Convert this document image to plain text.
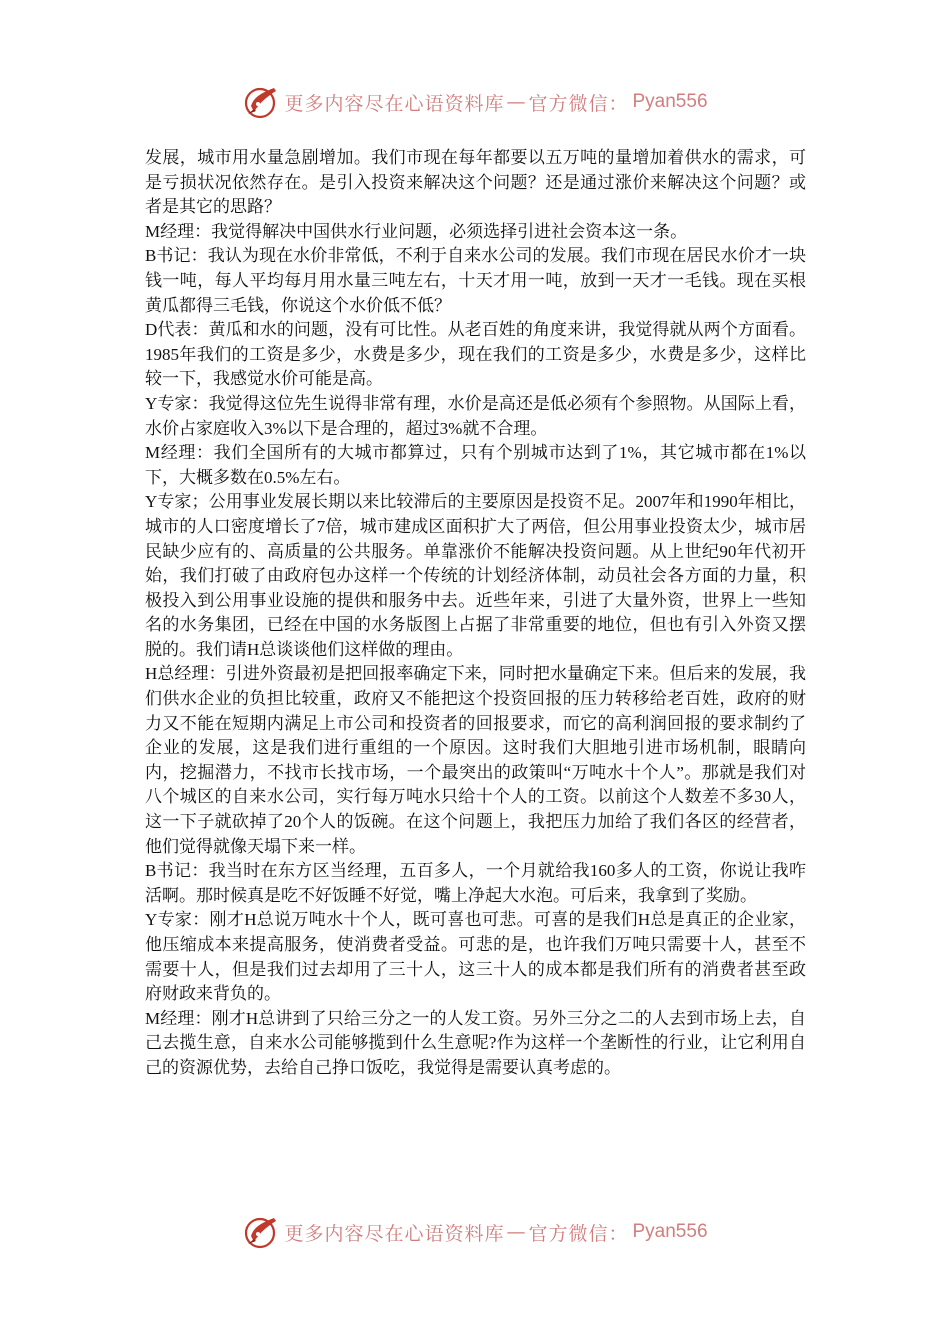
更多内容尽在心语资料库 — 官方微信： Pyan556

发展，城市用水量急剧增加。我们市现在每年都要以五万吨的量增加着供水的需求，可是亏损状况依然存在。是引入投资来解决这个问题？还是通过涨价来解决这个问题？或者是其它的思路？

M经理：我觉得解决中国供水行业问题，必须选择引进社会资本这一条。

B书记：我认为现在水价非常低，不利于自来水公司的发展。我们市现在居民水价才一块钱一吨，每人平均每月用水量三吨左右，十天才用一吨，放到一天才一毛钱。现在买根黄瓜都得三毛钱，你说这个水价低不低？

D代表：黄瓜和水的问题，没有可比性。从老百姓的角度来讲，我觉得就从两个方面看。1985年我们的工资是多少，水费是多少，现在我们的工资是多少，水费是多少，这样比较一下，我感觉水价可能是高。

Y专家：我觉得这位先生说得非常有理，水价是高还是低必须有个参照物。从国际上看，水价占家庭收入3%以下是合理的，超过3%就不合理。

M经理：我们全国所有的大城市都算过，只有个别城市达到了1%，其它城市都在1%以下，大概多数在0.5%左右。

Y专家；公用事业发展长期以来比较滞后的主要原因是投资不足。2007年和1990年相比，城市的人口密度增长了7倍，城市建成区面积扩大了两倍，但公用事业投资太少，城市居民缺少应有的、高质量的公共服务。单靠涨价不能解决投资问题。从上世纪90年代初开始，我们打破了由政府包办这样一个传统的计划经济体制，动员社会各方面的力量，积极投入到公用事业设施的提供和服务中去。近些年来，引进了大量外资，世界上一些知名的水务集团，已经在中国的水务版图上占据了非常重要的地位，但也有引入外资又摆脱的。我们请H总谈谈他们这样做的理由。

H总经理：引进外资最初是把回报率确定下来，同时把水量确定下来。但后来的发展，我们供水企业的负担比较重，政府又不能把这个投资回报的压力转移给老百姓，政府的财力又不能在短期内满足上市公司和投资者的回报要求，而它的高利润回报的要求制约了企业的发展，这是我们进行重组的一个原因。这时我们大胆地引进市场机制，眼睛向内，挖掘潜力，不找市长找市场，一个最突出的政策叫“万吨水十个人”。那就是我们对八个城区的自来水公司，实行每万吨水只给十个人的工资。以前这个人数差不多30人，这一下子就砍掉了20个人的饭碗。在这个问题上，我把压力加给了我们各区的经营者，他们觉得就像天塌下来一样。

B书记：我当时在东方区当经理，五百多人，一个月就给我160多人的工资，你说让我咋活啊。那时候真是吃不好饭睡不好觉，嘴上净起大水泡。可后来，我拿到了奖励。

Y专家：刚才H总说万吨水十个人，既可喜也可悲。可喜的是我们H总是真正的企业家，他压缩成本来提高服务，使消费者受益。可悲的是，也许我们万吨只需要十人，甚至不需要十人，但是我们过去却用了三十人，这三十人的成本都是我们所有的消费者甚至政府财政来背负的。

M经理：刚才H总讲到了只给三分之一的人发工资。另外三分之二的人去到市场上去，自己去揽生意，自来水公司能够揽到什么生意呢?作为这样一个垄断性的行业，让它利用自己的资源优势，去给自己挣口饭吃，我觉得是需要认真考虑的。

更多内容尽在心语资料库 — 官方微信： Pyan556
